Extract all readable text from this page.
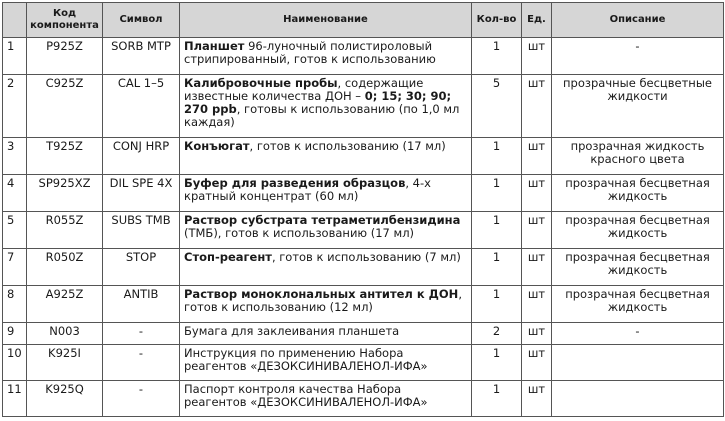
	Код компонента	Символ	Наименование	Кол-во	Ед.	Описание
1	P925Z	SORB MTP	Планшет 96-луночный полистироловый стрипированный, готов к использованию	1	шт	-
2	C925Z	CAL 1–5	Калибровочные пробы, содержащие известные количества ДОН – 0; 15; 30; 90; 270 ppb, готовы к использованию (по 1,0 мл каждая)	5	шт	прозрачные бесцветные жидкости
3	T925Z	CONJ HRP	Конъюгат, готов к использованию (17 мл)	1	шт	прозрачная жидкость красного цвета
4	SP925XZ	DIL SPE 4X	Буфер для разведения образцов, 4-х кратный концентрат (60 мл)	1	шт	прозрачная бесцветная жидкость
5	R055Z	SUBS TMB	Раствор субстрата тетраметилбензидина (ТМБ), готов к использованию (17 мл)	1	шт	прозрачная бесцветная жидкость
7	R050Z	STOP	Стоп-реагент, готов к использованию (7 мл)	1	шт	прозрачная бесцветная жидкость
8	A925Z	ANTIB	Раствор моноклональных антител к ДОН, готов к использованию (12 мл)	1	шт	прозрачная бесцветная жидкость
9	N003	-	Бумага для заклеивания планшета	2	шт	-
10	K925I	-	Инструкция по применению Набора реагентов «ДЕЗОКСИНИВАЛЕНОЛ-ИФА»	1	шт	
11	K925Q	-	Паспорт контроля качества Набора реагентов «ДЕЗОКСИНИВАЛЕНОЛ-ИФА»	1	шт	
